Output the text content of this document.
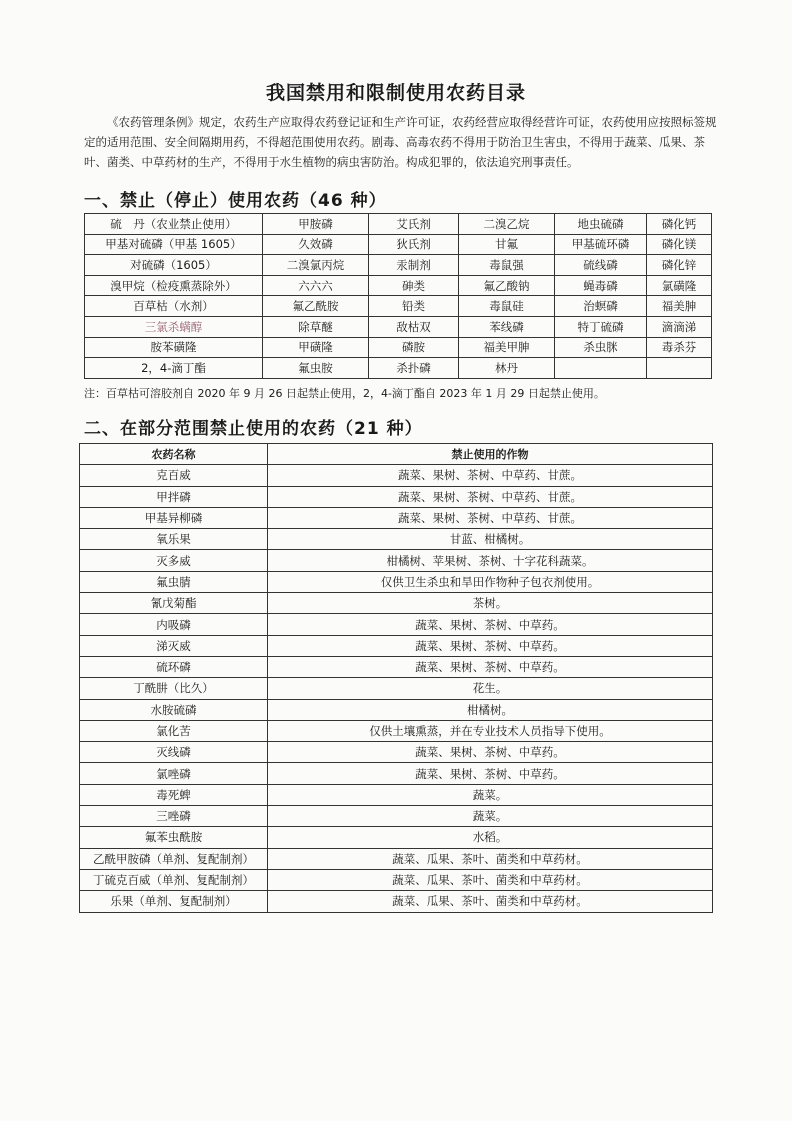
我国禁用和限制使用农药目录
《农药管理条例》规定，农药生产应取得农药登记证和生产许可证，农药经营应取得经营许可证，农药使用应按照标签规定的适用范围、安全间隔期用药，不得超范围使用农药。剧毒、高毒农药不得用于防治卫生害虫，不得用于蔬菜、瓜果、茶叶、菌类、中草药材的生产，不得用于水生植物的病虫害防治。构成犯罪的，依法追究刑事责任。
一、禁止（停止）使用农药（46 种）
硫　丹（农业禁止使用）	甲胺磷	艾氏剂	二溴乙烷	地虫硫磷	磷化钙
甲基对硫磷（甲基 1605）	久效磷	狄氏剂	甘氟	甲基硫环磷	磷化镁
对硫磷（1605）	二溴氯丙烷	汞制剂	毒鼠强	硫线磷	磷化锌
溴甲烷（检疫熏蒸除外）	六六六	砷类	氟乙酸钠	蝇毒磷	氯磺隆
百草枯（水剂）	氟乙酰胺	铅类	毒鼠硅	治螟磷	福美胂
三氯杀螨醇	除草醚	敌枯双	苯线磷	特丁硫磷	滴滴涕
胺苯磺隆	甲磺隆	磷胺	福美甲胂	杀虫脒	毒杀芬
2，4-滴丁酯	氟虫胺	杀扑磷	林丹		
注：百草枯可溶胶剂自 2020 年 9 月 26 日起禁止使用，2，4-滴丁酯自 2023 年 1 月 29 日起禁止使用。
二、在部分范围禁止使用的农药（21 种）
农药名称	禁止使用的作物
克百威	蔬菜、果树、茶树、中草药、甘蔗。
甲拌磷	蔬菜、果树、茶树、中草药、甘蔗。
甲基异柳磷	蔬菜、果树、茶树、中草药、甘蔗。
氧乐果	甘蓝、柑橘树。
灭多威	柑橘树、苹果树、茶树、十字花科蔬菜。
氟虫腈	仅供卫生杀虫和旱田作物种子包衣剂使用。
氰戊菊酯	茶树。
内吸磷	蔬菜、果树、茶树、中草药。
涕灭威	蔬菜、果树、茶树、中草药。
硫环磷	蔬菜、果树、茶树、中草药。
丁酰肼（比久）	花生。
水胺硫磷	柑橘树。
氯化苦	仅供土壤熏蒸，并在专业技术人员指导下使用。
灭线磷	蔬菜、果树、茶树、中草药。
氯唑磷	蔬菜、果树、茶树、中草药。
毒死蜱	蔬菜。
三唑磷	蔬菜。
氟苯虫酰胺	水稻。
乙酰甲胺磷（单剂、复配制剂）	蔬菜、瓜果、茶叶、菌类和中草药材。
丁硫克百威（单剂、复配制剂）	蔬菜、瓜果、茶叶、菌类和中草药材。
乐果（单剂、复配制剂）	蔬菜、瓜果、茶叶、菌类和中草药材。
